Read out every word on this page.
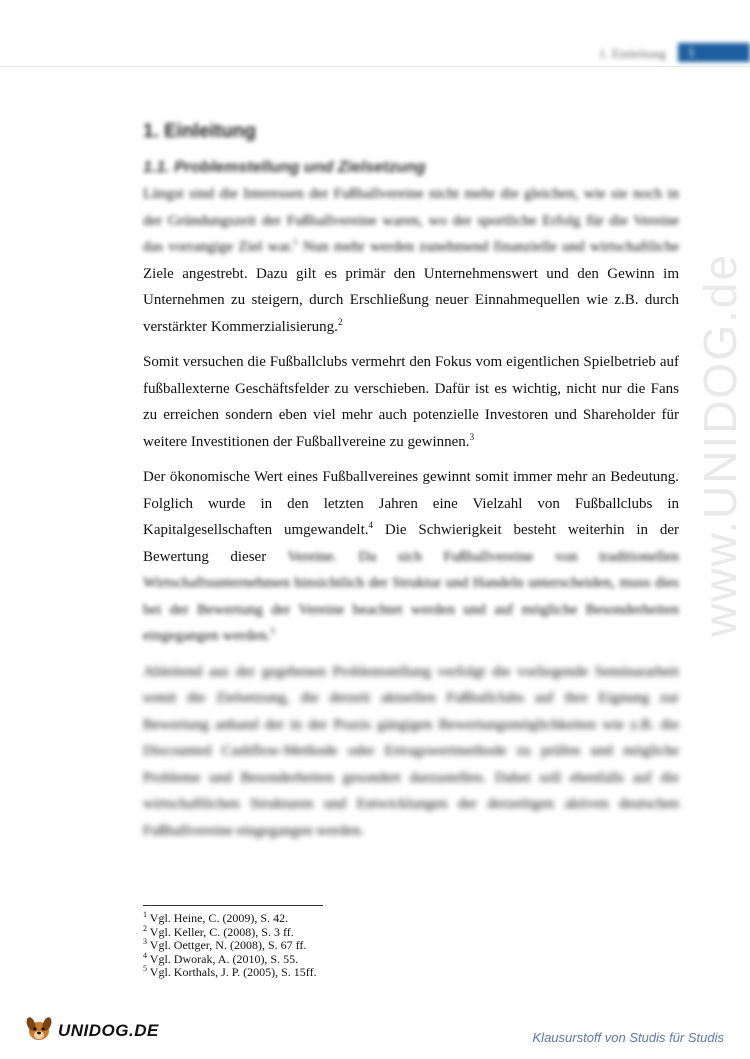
1. Einleitung	1
www.UNIDOG.de
1. Einleitung
1.1. Problemstellung und Zielsetzung

Längst sind die Interessen der Fußballvereine nicht mehr die gleichen, wie sie noch in der Gründungszeit der Fußballvereine waren, wo der sportliche Erfolg für die Vereine das vorrangige Ziel war.$^1$ Nun mehr werden zunehmend finanzielle und wirtschaftliche Ziele angestrebt. Dazu gilt es primär den Unternehmenswert und den Gewinn im Unternehmen zu steigern, durch Erschließung neuer Einnahmequellen wie z.B. durch verstärkter Kommerzialisierung.$^2$

Somit versuchen die Fußballclubs vermehrt den Fokus vom eigentlichen Spielbetrieb auf fußballexterne Geschäftsfelder zu verschieben. Dafür ist es wichtig, nicht nur die Fans zu erreichen sondern eben viel mehr auch potenzielle Investoren und Shareholder für weitere Investitionen der Fußballvereine zu gewinnen.$^3$

Der ökonomische Wert eines Fußballvereines gewinnt somit immer mehr an Bedeutung. Folglich wurde in den letzten Jahren eine Vielzahl von Fußballclubs in Kapitalgesellschaften umgewandelt.$^4$ Die Schwierigkeit besteht weiterhin in der Bewertung dieser Vereine. Da sich Fußballvereine von traditionellen Wirtschaftsunternehmen hinsichtlich der Struktur und Handeln unterscheiden, muss dies bei der Bewertung der Vereine beachtet werden und auf mögliche Besonderheiten eingegangen werden.$^5$

Ableitend aus der gegebenen Problemstellung verfolgt die vorliegende Seminararbeit somit die Zielsetzung, die derzeit aktuellen Fußballclubs auf ihre Eignung zur Bewertung anhand der in der Praxis gängigen Bewertungsmöglichkeiten wie z.B. die Discounted Cashflow-Methode oder Ertragswertmethode zu prüfen und mögliche Probleme und Besonderheiten gesondert darzustellen. Dabei soll ebenfalls auf die wirtschaftlichen Strukturen und Entwicklungen der derzeitigen aktiven deutschen Fußballvereine eingegangen werden.

$^1$ Vgl. Heine, C. (2009), S. 42.
$^2$ Vgl. Keller, C. (2008), S. 3 ff.
$^3$ Vgl. Oettger, N. (2008), S. 67 ff.
$^4$ Vgl. Dworak, A. (2010), S. 55.
$^5$ Vgl. Korthals, J. P. (2005), S. 15ff.
UNIDOG.DE	Klausurstoff von Studis für Studis
